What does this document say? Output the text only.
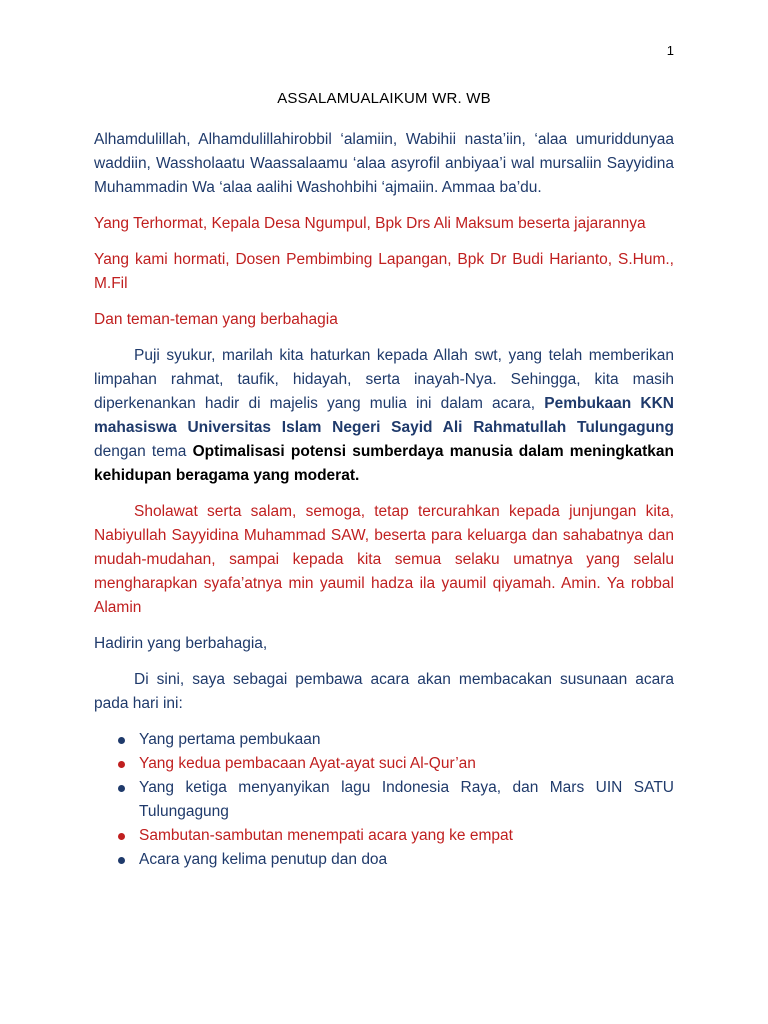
1
ASSALAMUALAIKUM WR. WB

Alhamdulillah, Alhamdulillahirobbil ‘alamiin, Wabihii nasta’iin, ‘alaa umuriddunyaa waddiin, Wassholaatu Waassalaamu ‘alaa asyrofil anbiyaa’i wal mursaliin Sayyidina Muhammadin Wa ‘alaa aalihi Washohbihi ‘ajmaiin. Ammaa ba’du.

Yang Terhormat, Kepala Desa Ngumpul, Bpk Drs Ali Maksum beserta jajarannya

Yang kami hormati, Dosen Pembimbing Lapangan, Bpk Dr Budi Harianto, S.Hum., M.Fil

Dan teman-teman yang berbahagia

Puji syukur, marilah kita haturkan kepada Allah swt, yang telah memberikan limpahan rahmat, taufik, hidayah, serta inayah-Nya. Sehingga, kita masih diperkenankan hadir di majelis yang mulia ini dalam acara, Pembukaan KKN mahasiswa Universitas Islam Negeri Sayid Ali Rahmatullah Tulungagung dengan tema Optimalisasi potensi sumberdaya manusia dalam meningkatkan kehidupan beragama yang moderat.

Sholawat serta salam, semoga, tetap tercurahkan kepada junjungan kita, Nabiyullah Sayyidina Muhammad SAW, beserta para keluarga dan sahabatnya dan mudah-mudahan, sampai kepada kita semua selaku umatnya yang selalu mengharapkan syafa’atnya min yaumil hadza ila yaumil qiyamah. Amin. Ya robbal Alamin

Hadirin yang berbahagia,

Di sini, saya sebagai pembawa acara akan membacakan susunaan acara pada hari ini:

Yang pertama pembukaan
Yang kedua pembacaan Ayat-ayat suci Al-Qur’an
Yang ketiga menyanyikan lagu Indonesia Raya, dan Mars UIN SATU Tulungagung
Sambutan-sambutan menempati acara yang ke empat
Acara yang kelima penutup dan doa
